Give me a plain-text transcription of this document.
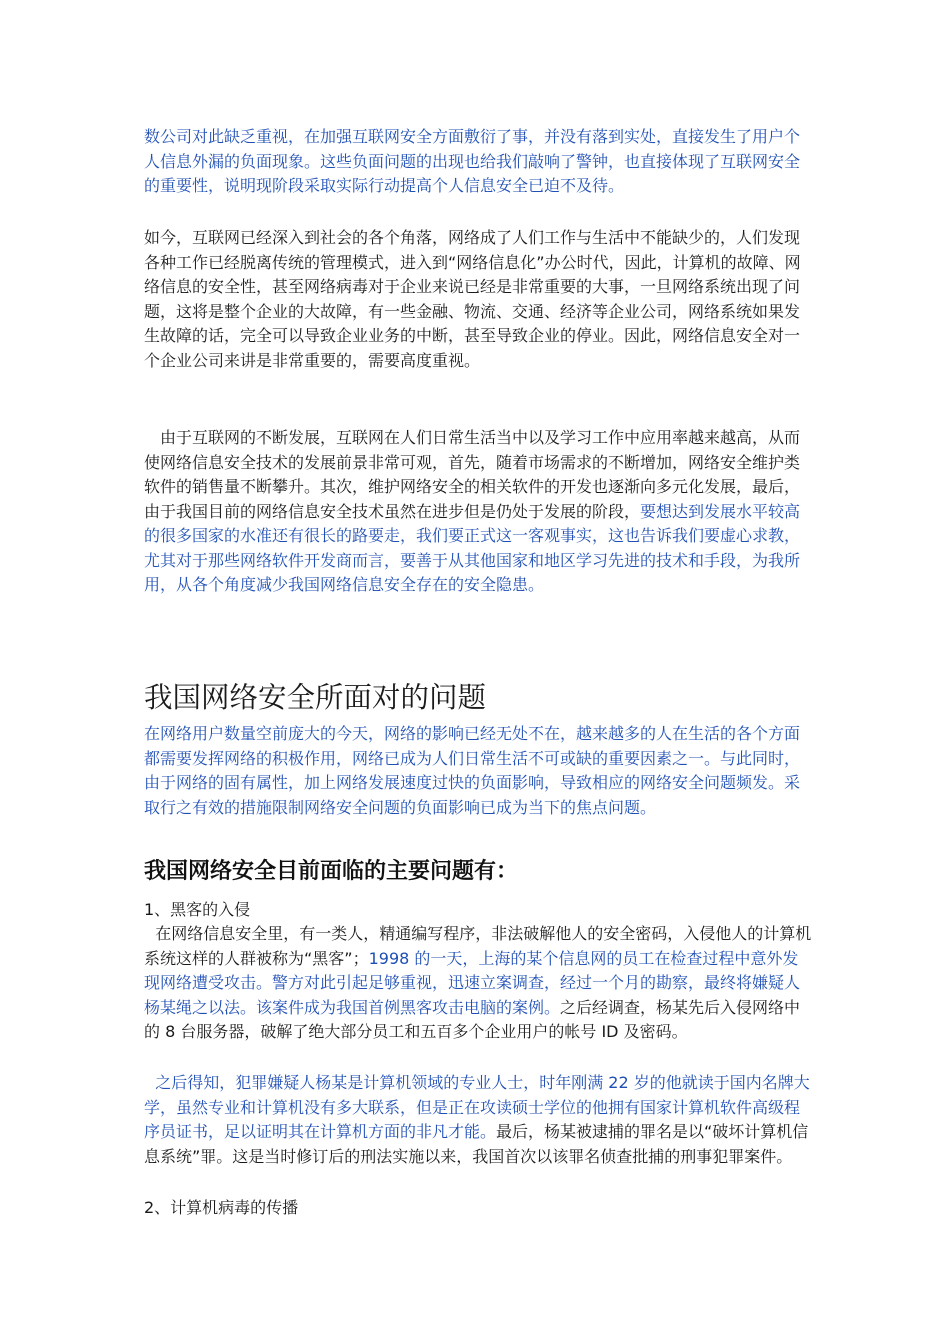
数公司对此缺乏重视，在加强互联网安全方面敷衍了事，并没有落到实处，直接发生了用户个人信息外漏的负面现象。这些负面问题的出现也给我们敲响了警钟，也直接体现了互联网安全的重要性，说明现阶段采取实际行动提高个人信息安全已迫不及待。

如今，互联网已经深入到社会的各个角落，网络成了人们工作与生活中不能缺少的，人们发现各种工作已经脱离传统的管理模式，进入到“网络信息化”办公时代，因此，计算机的故障、网络信息的安全性，甚至网络病毒对于企业来说已经是非常重要的大事，一旦网络系统出现了问题，这将是整个企业的大故障，有一些金融、物流、交通、经济等企业公司，网络系统如果发生故障的话，完全可以导致企业业务的中断，甚至导致企业的停业。因此，网络信息安全对一个企业公司来讲是非常重要的，需要高度重视。

由于互联网的不断发展，互联网在人们日常生活当中以及学习工作中应用率越来越高，从而使网络信息安全技术的发展前景非常可观，首先，随着市场需求的不断增加，网络安全维护类软件的销售量不断攀升。其次，维护网络安全的相关软件的开发也逐渐向多元化发展，最后，由于我国目前的网络信息安全技术虽然在进步但是仍处于发展的阶段，要想达到发展水平较高的很多国家的水准还有很长的路要走，我们要正式这一客观事实，这也告诉我们要虚心求教，尤其对于那些网络软件开发商而言，要善于从其他国家和地区学习先进的技术和手段，为我所用，从各个角度减少我国网络信息安全存在的安全隐患。

我国网络安全所面对的问题

在网络用户数量空前庞大的今天，网络的影响已经无处不在，越来越多的人在生活的各个方面都需要发挥网络的积极作用，网络已成为人们日常生活不可或缺的重要因素之一。与此同时，由于网络的固有属性，加上网络发展速度过快的负面影响，导致相应的网络安全问题频发。采取行之有效的措施限制网络安全问题的负面影响已成为当下的焦点问题。

我国网络安全目前面临的主要问题有：

1、黑客的入侵

在网络信息安全里，有一类人，精通编写程序，非法破解他人的安全密码，入侵他人的计算机系统这样的人群被称为“黑客”；1998 的一天，上海的某个信息网的员工在检查过程中意外发现网络遭受攻击。警方对此引起足够重视，迅速立案调查，经过一个月的勘察，最终将嫌疑人杨某绳之以法。该案件成为我国首例黑客攻击电脑的案例。之后经调查，杨某先后入侵网络中的 8 台服务器，破解了绝大部分员工和五百多个企业用户的帐号 ID 及密码。

之后得知，犯罪嫌疑人杨某是计算机领域的专业人士，时年刚满 22 岁的他就读于国内名牌大学，虽然专业和计算机没有多大联系，但是正在攻读硕士学位的他拥有国家计算机软件高级程序员证书，足以证明其在计算机方面的非凡才能。最后，杨某被逮捕的罪名是以“破坏计算机信息系统”罪。这是当时修订后的刑法实施以来，我国首次以该罪名侦查批捕的刑事犯罪案件。

2、计算机病毒的传播
